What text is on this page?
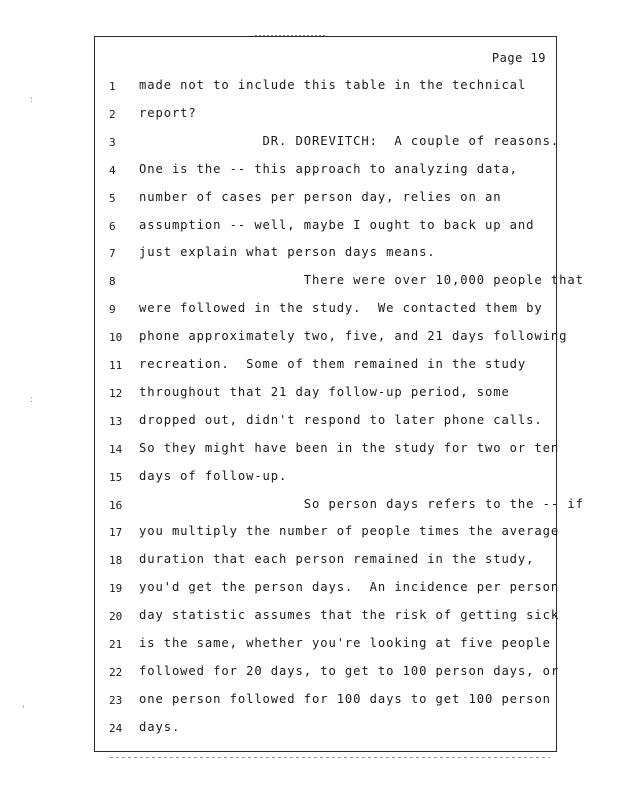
Page 19
1	made not to include this table in the technical
2	report?
3	DR. DOREVITCH:  A couple of reasons.
4	One is the -- this approach to analyzing data,
5	number of cases per person day, relies on an
6	assumption -- well, maybe I ought to back up and
7	just explain what person days means.
8	There were over 10,000 people that
9	were followed in the study.  We contacted them by
10	phone approximately two, five, and 21 days following
11	recreation.  Some of them remained in the study
12	throughout that 21 day follow-up period, some
13	dropped out, didn't respond to later phone calls.
14	So they might have been in the study for two or ten
15	days of follow-up.
16	So person days refers to the -- if
17	you multiply the number of people times the average
18	duration that each person remained in the study,
19	you'd get the person days.  An incidence per person
20	day statistic assumes that the risk of getting sick
21	is the same, whether you're looking at five people
22	followed for 20 days, to get to 100 person days, or
23	one person followed for 100 days to get 100 person
24	days.
:
:
'
